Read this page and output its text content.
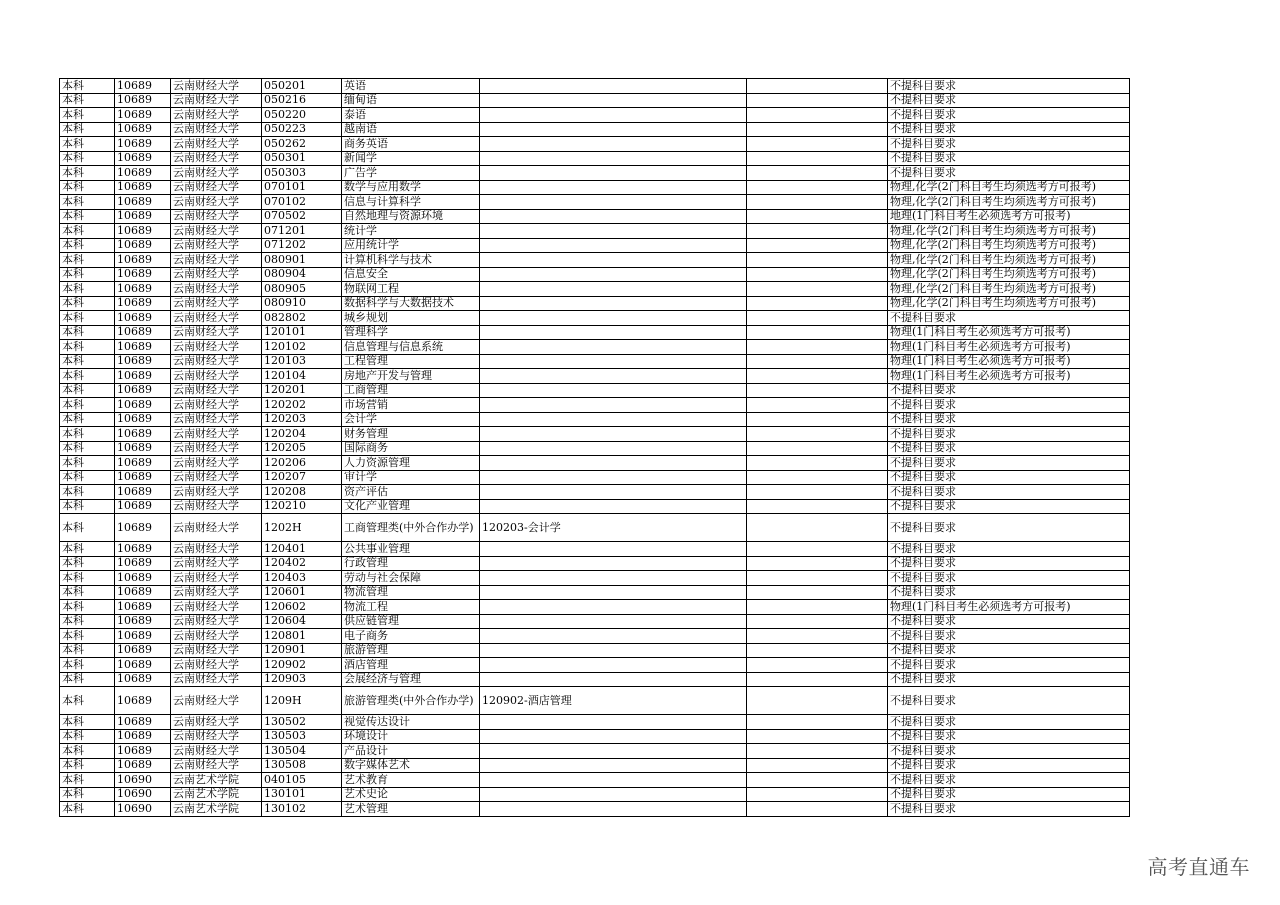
本科	10689	云南财经大学	050201	英语			不提科目要求
本科	10689	云南财经大学	050216	缅甸语			不提科目要求
本科	10689	云南财经大学	050220	泰语			不提科目要求
本科	10689	云南财经大学	050223	越南语			不提科目要求
本科	10689	云南财经大学	050262	商务英语			不提科目要求
本科	10689	云南财经大学	050301	新闻学			不提科目要求
本科	10689	云南财经大学	050303	广告学			不提科目要求
本科	10689	云南财经大学	070101	数学与应用数学			物理,化学(2门科目考生均须选考方可报考)
本科	10689	云南财经大学	070102	信息与计算科学			物理,化学(2门科目考生均须选考方可报考)
本科	10689	云南财经大学	070502	自然地理与资源环境			地理(1门科目考生必须选考方可报考)
本科	10689	云南财经大学	071201	统计学			物理,化学(2门科目考生均须选考方可报考)
本科	10689	云南财经大学	071202	应用统计学			物理,化学(2门科目考生均须选考方可报考)
本科	10689	云南财经大学	080901	计算机科学与技术			物理,化学(2门科目考生均须选考方可报考)
本科	10689	云南财经大学	080904	信息安全			物理,化学(2门科目考生均须选考方可报考)
本科	10689	云南财经大学	080905	物联网工程			物理,化学(2门科目考生均须选考方可报考)
本科	10689	云南财经大学	080910	数据科学与大数据技术			物理,化学(2门科目考生均须选考方可报考)
本科	10689	云南财经大学	082802	城乡规划			不提科目要求
本科	10689	云南财经大学	120101	管理科学			物理(1门科目考生必须选考方可报考)
本科	10689	云南财经大学	120102	信息管理与信息系统			物理(1门科目考生必须选考方可报考)
本科	10689	云南财经大学	120103	工程管理			物理(1门科目考生必须选考方可报考)
本科	10689	云南财经大学	120104	房地产开发与管理			物理(1门科目考生必须选考方可报考)
本科	10689	云南财经大学	120201	工商管理			不提科目要求
本科	10689	云南财经大学	120202	市场营销			不提科目要求
本科	10689	云南财经大学	120203	会计学			不提科目要求
本科	10689	云南财经大学	120204	财务管理			不提科目要求
本科	10689	云南财经大学	120205	国际商务			不提科目要求
本科	10689	云南财经大学	120206	人力资源管理			不提科目要求
本科	10689	云南财经大学	120207	审计学			不提科目要求
本科	10689	云南财经大学	120208	资产评估			不提科目要求
本科	10689	云南财经大学	120210	文化产业管理			不提科目要求
本科	10689	云南财经大学	1202H	工商管理类(中外合作办学)	120203-会计学		不提科目要求
本科	10689	云南财经大学	120401	公共事业管理			不提科目要求
本科	10689	云南财经大学	120402	行政管理			不提科目要求
本科	10689	云南财经大学	120403	劳动与社会保障			不提科目要求
本科	10689	云南财经大学	120601	物流管理			不提科目要求
本科	10689	云南财经大学	120602	物流工程			物理(1门科目考生必须选考方可报考)
本科	10689	云南财经大学	120604	供应链管理			不提科目要求
本科	10689	云南财经大学	120801	电子商务			不提科目要求
本科	10689	云南财经大学	120901	旅游管理			不提科目要求
本科	10689	云南财经大学	120902	酒店管理			不提科目要求
本科	10689	云南财经大学	120903	会展经济与管理			不提科目要求
本科	10689	云南财经大学	1209H	旅游管理类(中外合作办学)	120902-酒店管理		不提科目要求
本科	10689	云南财经大学	130502	视觉传达设计			不提科目要求
本科	10689	云南财经大学	130503	环境设计			不提科目要求
本科	10689	云南财经大学	130504	产品设计			不提科目要求
本科	10689	云南财经大学	130508	数字媒体艺术			不提科目要求
本科	10690	云南艺术学院	040105	艺术教育			不提科目要求
本科	10690	云南艺术学院	130101	艺术史论			不提科目要求
本科	10690	云南艺术学院	130102	艺术管理			不提科目要求
高考直通车
